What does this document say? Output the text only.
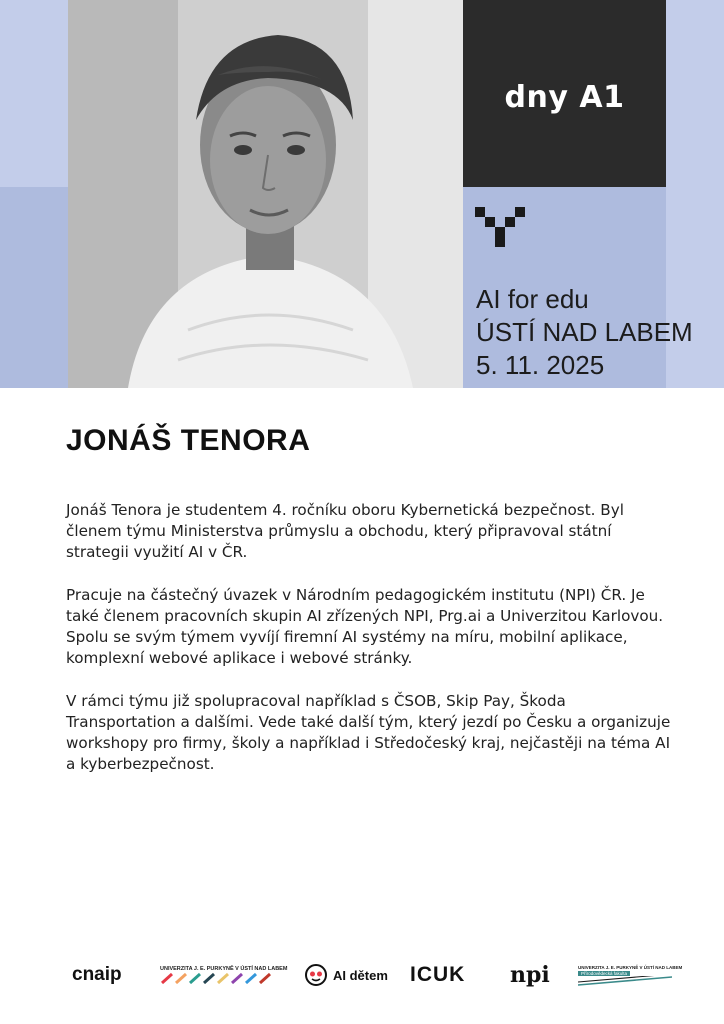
dny A1
AI for edu
ÚSTÍ NAD LABEM
5. 11. 2025
JONÁŠ TENORA

Jonáš Tenora je studentem 4. ročníku oboru Kybernetická bezpečnost. Byl členem týmu Ministerstva průmyslu a obchodu, který připravoval státní strategii využití AI v ČR.

Pracuje na částečný úvazek v Národním pedagogickém institutu (NPI) ČR. Je také členem pracovních skupin AI zřízených NPI, Prg.ai a Univerzitou Karlovou. Spolu se svým týmem vyvíjí firemní AI systémy na míru, mobilní aplikace, komplexní webové aplikace i webové stránky.

V rámci týmu již spolupracoval například s ČSOB, Skip Pay, Škoda Transportation a dalšími. Vede také další tým, který jezdí po Česku a organizuje workshopy pro firmy, školy a například i Středočeský kraj, nejčastěji na téma AI a kyberbezpečnost.

cnaip	UNIVERZITA J. E. PURKYNĚ V ÚSTÍ NAD LABEM	AI dětem ICUK npi	UNIVERZITA J. E. PURKYNĚ V ÚSTÍ NAD LABEM
Přírodovědecká fakulta
